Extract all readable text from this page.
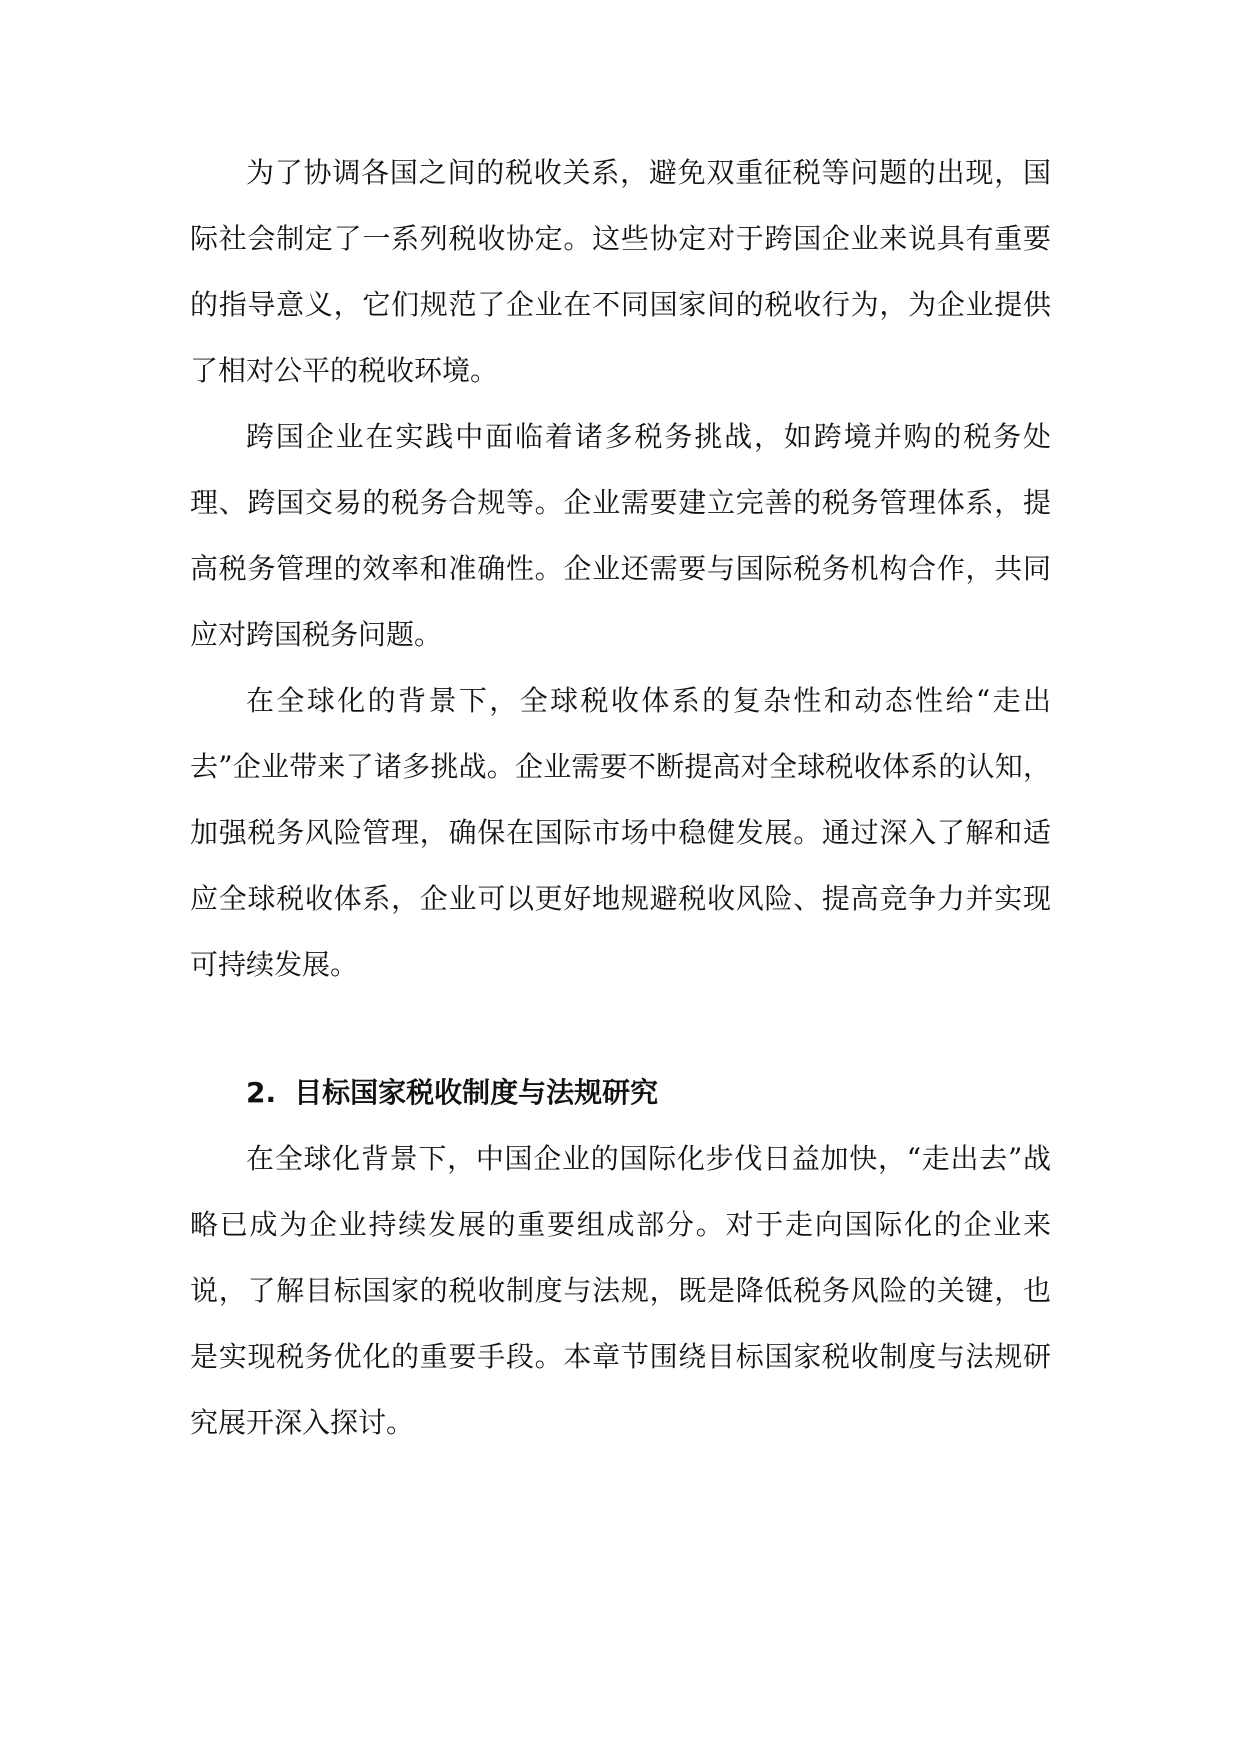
为了协调各国之间的税收关系，避免双重征税等问题的出现，国际社会制定了一系列税收协定。这些协定对于跨国企业来说具有重要的指导意义，它们规范了企业在不同国家间的税收行为，为企业提供了相对公平的税收环境。

跨国企业在实践中面临着诸多税务挑战，如跨境并购的税务处理、跨国交易的税务合规等。企业需要建立完善的税务管理体系，提高税务管理的效率和准确性。企业还需要与国际税务机构合作，共同应对跨国税务问题。

在全球化的背景下，全球税收体系的复杂性和动态性给“走出去”企业带来了诸多挑战。企业需要不断提高对全球税收体系的认知，加强税务风险管理，确保在国际市场中稳健发展。通过深入了解和适应全球税收体系，企业可以更好地规避税收风险、提高竞争力并实现可持续发展。

2. 目标国家税收制度与法规研究

在全球化背景下，中国企业的国际化步伐日益加快，“走出去”战略已成为企业持续发展的重要组成部分。对于走向国际化的企业来说，了解目标国家的税收制度与法规，既是降低税务风险的关键，也是实现税务优化的重要手段。本章节围绕目标国家税收制度与法规研究展开深入探讨。
